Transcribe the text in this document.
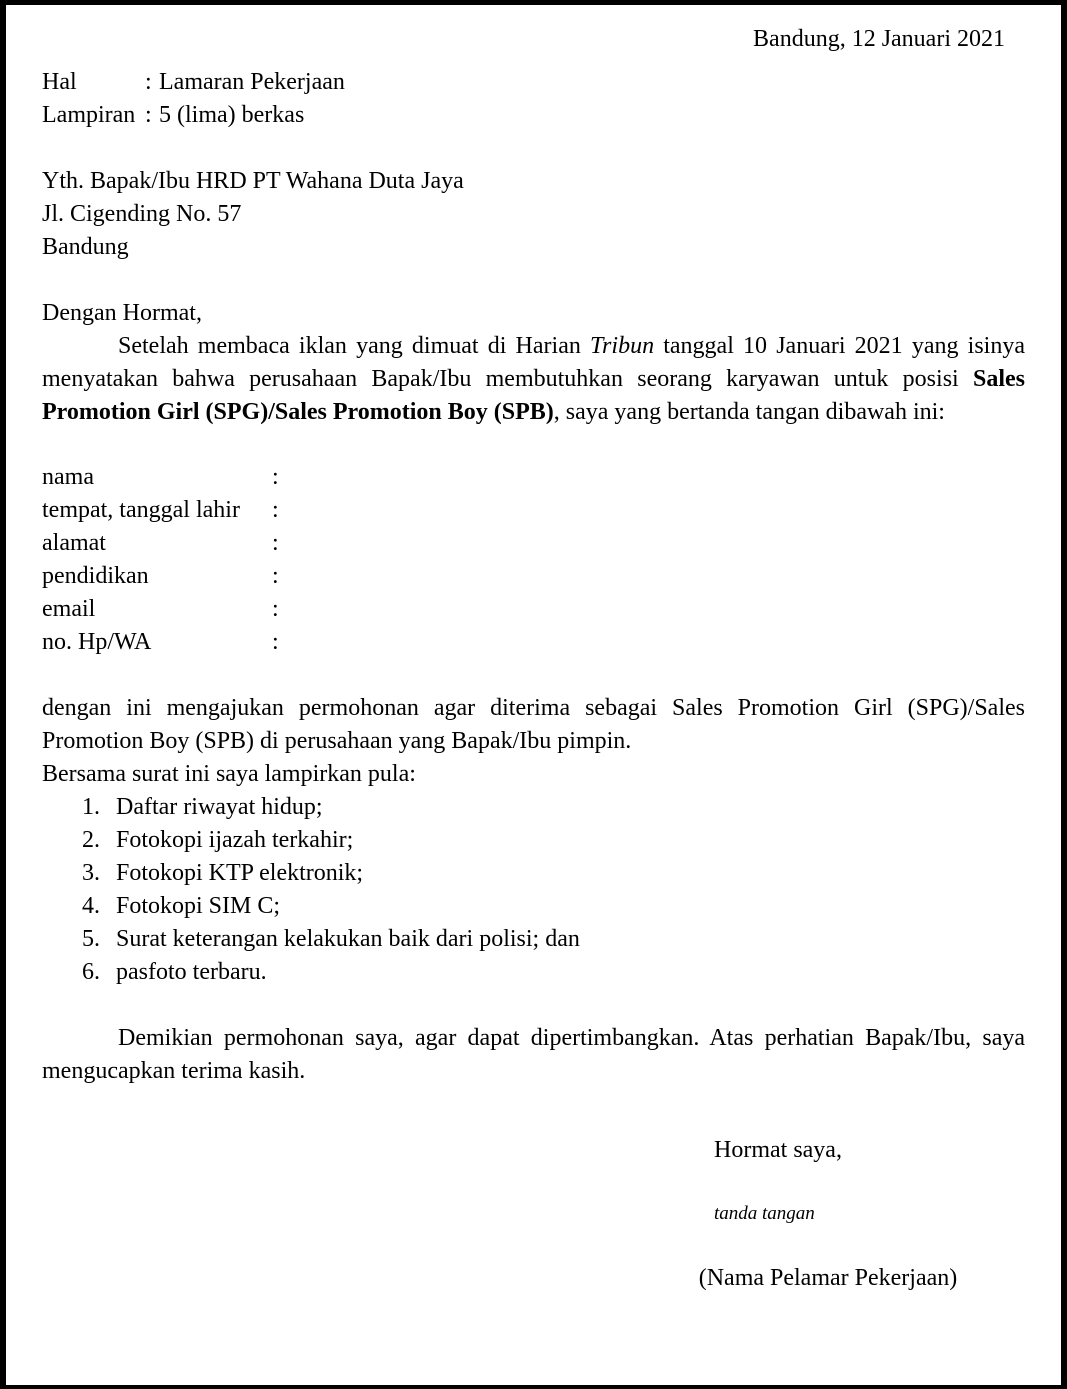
Bandung, 12 Januari 2021
Hal	: Lamaran Pekerjaan
Lampiran : 5 (lima) berkas
Yth. Bapak/Ibu HRD PT Wahana Duta Jaya
Jl. Cigending No. 57
Bandung
Dengan Hormat,

Setelah membaca iklan yang dimuat di Harian Tribun tanggal 10 Januari 2021 yang isinya menyatakan bahwa perusahaan Bapak/Ibu membutuhkan seorang karyawan untuk posisi Sales Promotion Girl (SPG)/Sales Promotion Boy (SPB), saya yang bertanda tangan dibawah ini:

nama	:
tempat, tanggal lahir	:
alamat	:
pendidikan	:
email	:
no. Hp/WA	:

dengan ini mengajukan permohonan agar diterima sebagai Sales Promotion Girl (SPG)/Sales Promotion Boy (SPB) di perusahaan yang Bapak/Ibu pimpin.

Bersama surat ini saya lampirkan pula:
1. Daftar riwayat hidup;
2. Fotokopi ijazah terkahir;
3. Fotokopi KTP elektronik;
4. Fotokopi SIM C;
5. Surat keterangan kelakukan baik dari polisi; dan
6. pasfoto terbaru.

Demikian permohonan saya, agar dapat dipertimbangkan. Atas perhatian Bapak/Ibu, saya mengucapkan terima kasih.

Hormat saya,
tanda tangan
(Nama Pelamar Pekerjaan)
